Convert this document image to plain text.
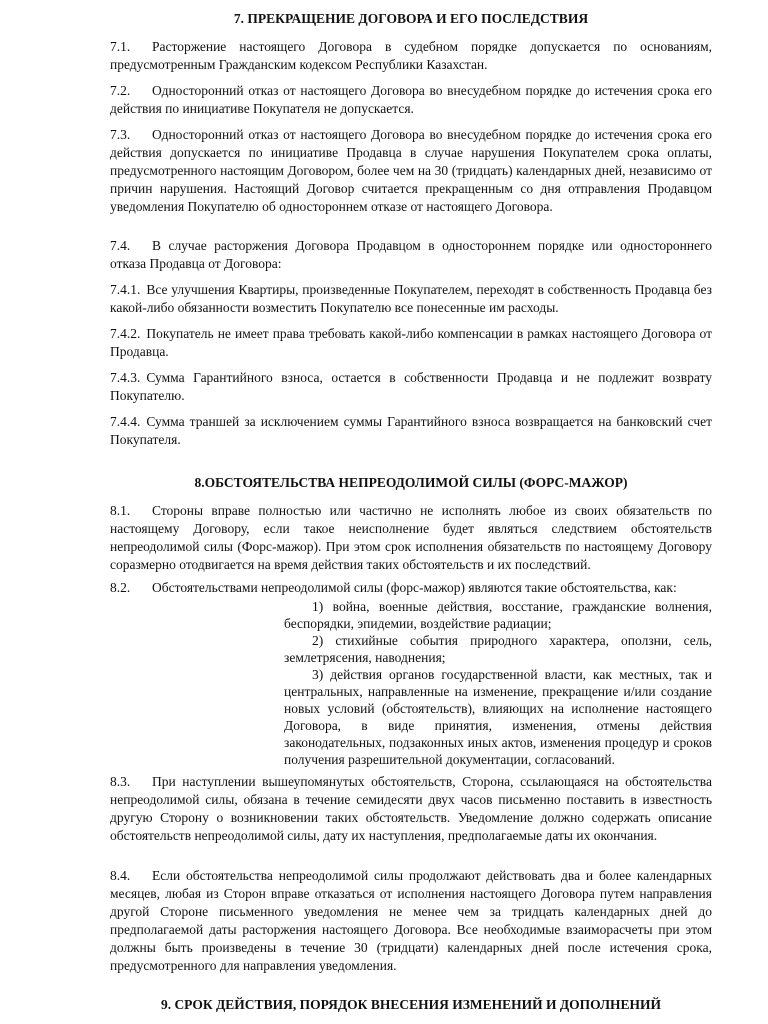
7. ПРЕКРАЩЕНИЕ ДОГОВОРА И ЕГО ПОСЛЕДСТВИЯ

7.1. Расторжение настоящего Договора в судебном порядке допускается по основаниям, предусмотренным Гражданским кодексом Республики Казахстан.

7.2. Односторонний отказ от настоящего Договора во внесудебном порядке до истечения срока его действия по инициативе Покупателя не допускается.

7.3. Односторонний отказ от настоящего Договора во внесудебном порядке до истечения срока его действия допускается по инициативе Продавца в случае нарушения Покупателем срока оплаты, предусмотренного настоящим Договором, более чем на 30 (тридцать) календарных дней, независимо от причин нарушения. Настоящий Договор считается прекращенным со дня отправления Продавцом уведомления Покупателю об одностороннем отказе от настоящего Договора.

7.4. В случае расторжения Договора Продавцом в одностороннем порядке или одностороннего отказа Продавца от Договора:

7.4.1. Все улучшения Квартиры, произведенные Покупателем, переходят в собственность Продавца без какой-либо обязанности возместить Покупателю все понесенные им расходы.

7.4.2. Покупатель не имеет права требовать какой-либо компенсации в рамках настоящего Договора от Продавца.

7.4.3. Сумма Гарантийного взноса, остается в собственности Продавца и не подлежит возврату Покупателю.

7.4.4. Сумма траншей за исключением суммы Гарантийного взноса возвращается на банковский счет Покупателя.

8.ОБСТОЯТЕЛЬСТВА НЕПРЕОДОЛИМОЙ СИЛЫ (ФОРС-МАЖОР)

8.1. Стороны вправе полностью или частично не исполнять любое из своих обязательств по настоящему Договору, если такое неисполнение будет являться следствием обстоятельств непреодолимой силы (Форс-мажор). При этом срок исполнения обязательств по настоящему Договору соразмерно отодвигается на время действия таких обстоятельств и их последствий.

8.2. Обстоятельствами непреодолимой силы (форс-мажор) являются такие обстоятельства, как:

1) война, военные действия, восстание, гражданские волнения, беспорядки, эпидемии, воздействие радиации;

2) стихийные события природного характера, оползни, сель, землетрясения, наводнения;

3) действия органов государственной власти, как местных, так и центральных, направленные на изменение, прекращение и/или создание новых условий (обстоятельств), влияющих на исполнение настоящего Договора, в виде принятия, изменения, отмены действия законодательных, подзаконных иных актов, изменения процедур и сроков получения разрешительной документации, согласований.

8.3. При наступлении вышеупомянутых обстоятельств, Сторона, ссылающаяся на обстоятельства непреодолимой силы, обязана в течение семидесяти двух часов письменно поставить в известность другую Сторону о возникновении таких обстоятельств. Уведомление должно содержать описание обстоятельств непреодолимой силы, дату их наступления, предполагаемые даты их окончания.

8.4. Если обстоятельства непреодолимой силы продолжают действовать два и более календарных месяцев, любая из Сторон вправе отказаться от исполнения настоящего Договора путем направления другой Стороне письменного уведомления не менее чем за тридцать календарных дней до предполагаемой даты расторжения настоящего Договора. Все необходимые взаиморасчеты при этом должны быть произведены в течение 30 (тридцати) календарных дней после истечения срока, предусмотренного для направления уведомления.

9. СРОК ДЕЙСТВИЯ, ПОРЯДОК ВНЕСЕНИЯ ИЗМЕНЕНИЙ И ДОПОЛНЕНИЙ
